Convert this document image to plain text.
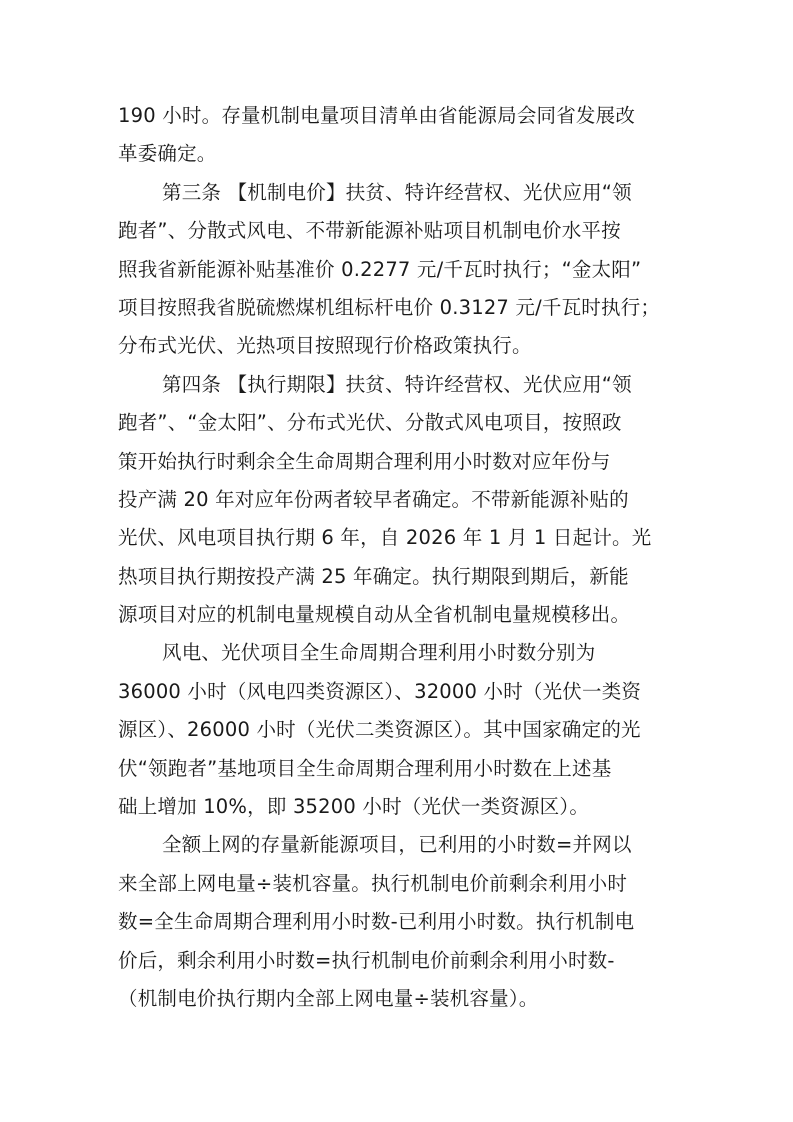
190 小时。存量机制电量项目清单由省能源局会同省发展改
革委确定。
第三条 【机制电价】扶贫、特许经营权、光伏应用“领
跑者”、分散式风电、不带新能源补贴项目机制电价水平按
照我省新能源补贴基准价 0.2277 元/千瓦时执行；“金太阳”
项目按照我省脱硫燃煤机组标杆电价 0.3127 元/千瓦时执行；
分布式光伏、光热项目按照现行价格政策执行。
第四条 【执行期限】扶贫、特许经营权、光伏应用“领
跑者”、“金太阳”、分布式光伏、分散式风电项目，按照政
策开始执行时剩余全生命周期合理利用小时数对应年份与
投产满 20 年对应年份两者较早者确定。不带新能源补贴的
光伏、风电项目执行期 6 年，自 2026 年 1 月 1 日起计。光
热项目执行期按投产满 25 年确定。执行期限到期后，新能
源项目对应的机制电量规模自动从全省机制电量规模移出。
风电、光伏项目全生命周期合理利用小时数分别为
36000 小时（风电四类资源区）、32000 小时（光伏一类资
源区）、26000 小时（光伏二类资源区）。其中国家确定的光
伏“领跑者”基地项目全生命周期合理利用小时数在上述基
础上增加 10%，即 35200 小时（光伏一类资源区）。
全额上网的存量新能源项目，已利用的小时数=并网以
来全部上网电量÷装机容量。执行机制电价前剩余利用小时
数=全生命周期合理利用小时数-已利用小时数。执行机制电
价后，剩余利用小时数=执行机制电价前剩余利用小时数-
（机制电价执行期内全部上网电量÷装机容量）。
